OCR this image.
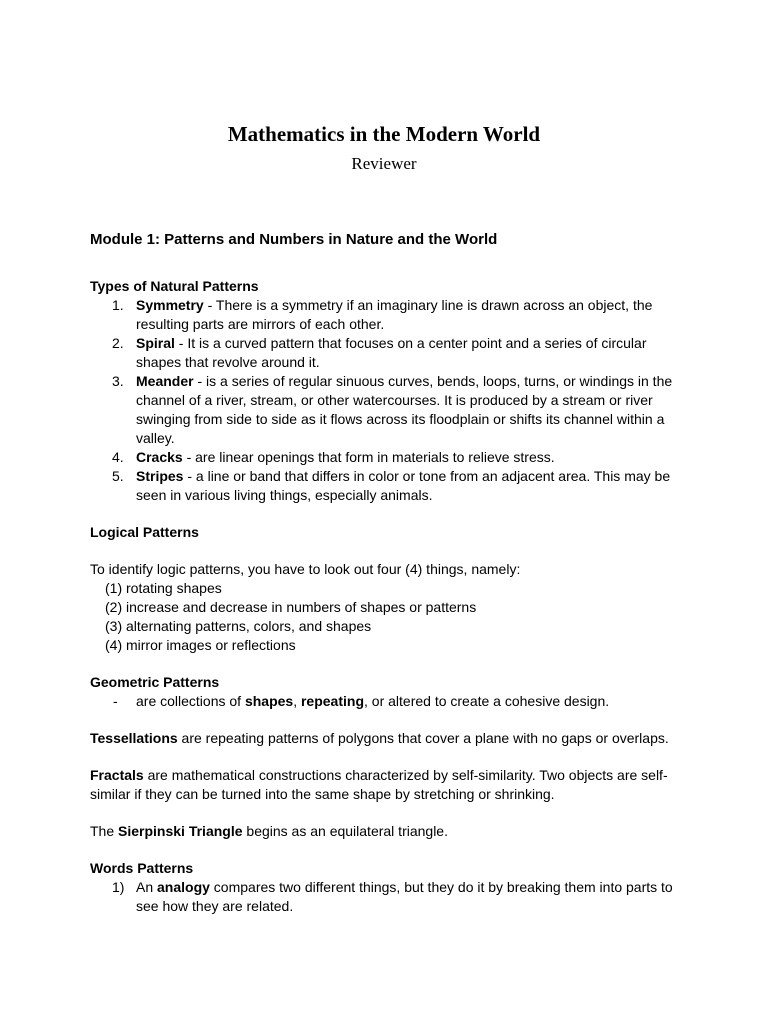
Mathematics in the Modern World
Reviewer

Module 1: Patterns and Numbers in Nature and the World

Types of Natural Patterns

1. Symmetry - There is a symmetry if an imaginary line is drawn across an object, the resulting parts are mirrors of each other.
2. Spiral - It is a curved pattern that focuses on a center point and a series of circular shapes that revolve around it.
3. Meander - is a series of regular sinuous curves, bends, loops, turns, or windings in the channel of a river, stream, or other watercourses. It is produced by a stream or river swinging from side to side as it flows across its floodplain or shifts its channel within a valley.
4. Cracks - are linear openings that form in materials to relieve stress.
5. Stripes - a line or band that differs in color or tone from an adjacent area. This may be seen in various living things, especially animals.

Logical Patterns

To identify logic patterns, you have to look out four (4) things, namely:

(1) rotating shapes
(2) increase and decrease in numbers of shapes or patterns
(3) alternating patterns, colors, and shapes
(4) mirror images or reflections

Geometric Patterns

- are collections of shapes, repeating, or altered to create a cohesive design.

Tessellations are repeating patterns of polygons that cover a plane with no gaps or overlaps.

Fractals are mathematical constructions characterized by self-similarity. Two objects are self-similar if they can be turned into the same shape by stretching or shrinking.

The Sierpinski Triangle begins as an equilateral triangle.

Words Patterns

1) An analogy compares two different things, but they do it by breaking them into parts to see how they are related.
